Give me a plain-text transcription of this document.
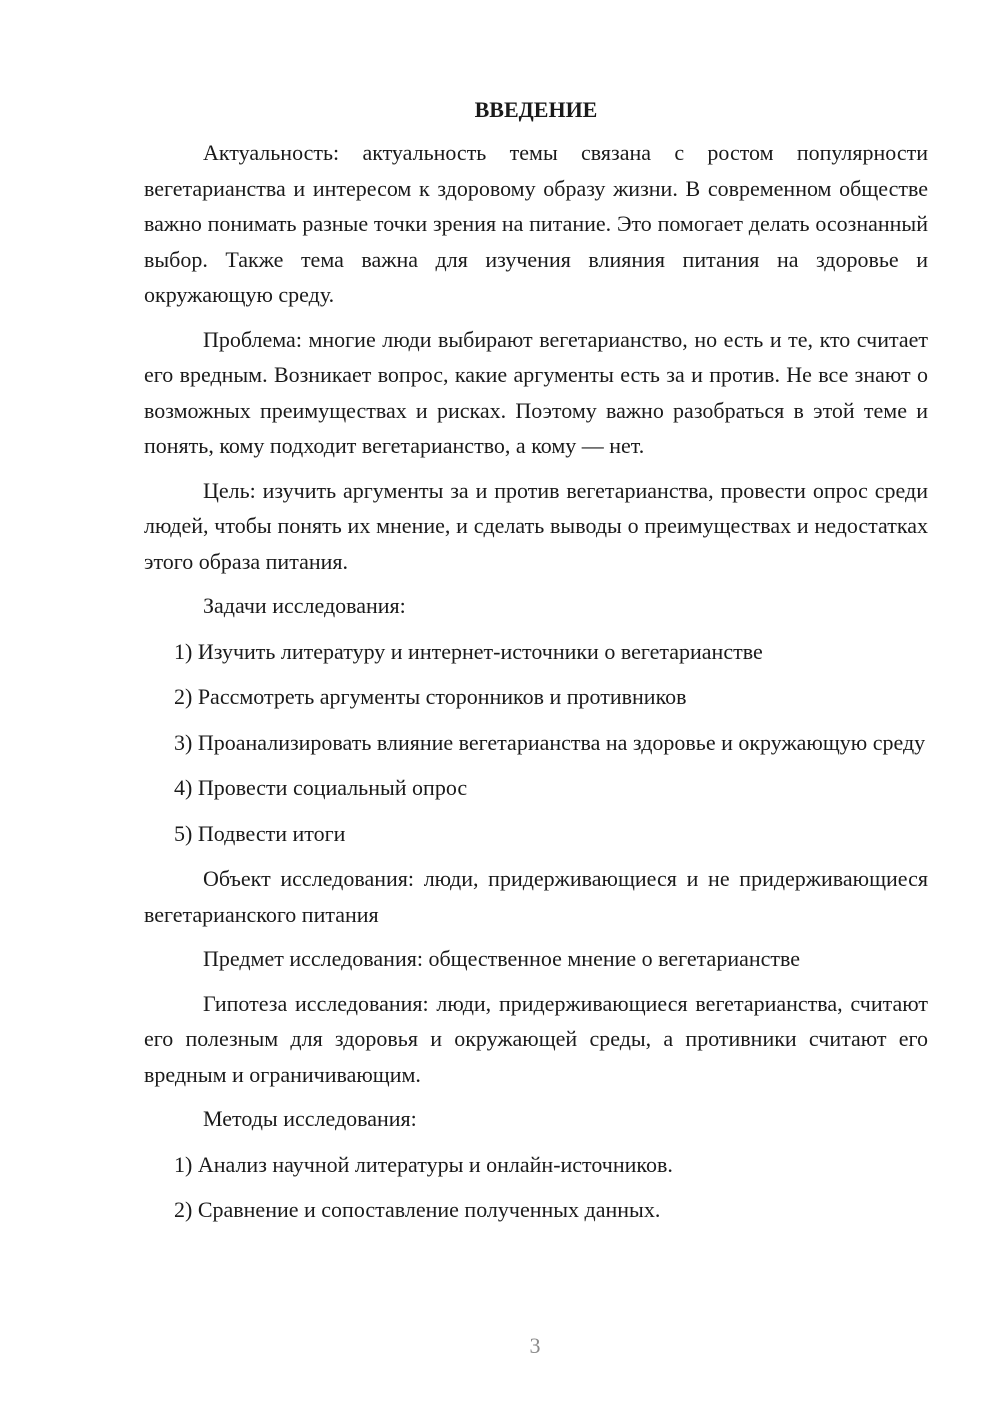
ВВЕДЕНИЕ

Актуальность: актуальность темы связана с ростом популярности вегетарианства и интересом к здоровому образу жизни. В современном обществе важно понимать разные точки зрения на питание. Это помогает делать осознанный выбор. Также тема важна для изучения влияния питания на здоровье и окружающую среду.

Проблема: многие люди выбирают вегетарианство, но есть и те, кто считает его вредным. Возникает вопрос, какие аргументы есть за и против. Не все знают о возможных преимуществах и рисках. Поэтому важно разобраться в этой теме и понять, кому подходит вегетарианство, а кому — нет.

Цель: изучить аргументы за и против вегетарианства, провести опрос среди людей, чтобы понять их мнение, и сделать выводы о преимуществах и недостатках этого образа питания.

Задачи исследования:

1) Изучить литературу и интернет-источники о вегетарианстве

2) Рассмотреть аргументы сторонников и противников

3) Проанализировать влияние вегетарианства на здоровье и окружающую среду

4) Провести социальный опрос

5) Подвести итоги

Объект исследования: люди, придерживающиеся и не придерживающиеся вегетарианского питания

Предмет исследования: общественное мнение о вегетарианстве

Гипотеза исследования: люди, придерживающиеся вегетарианства, считают его полезным для здоровья и окружающей среды, а противники считают его вредным и ограничивающим.

Методы исследования:

1) Анализ научной литературы и онлайн-источников.

2) Сравнение и сопоставление полученных данных.

3
